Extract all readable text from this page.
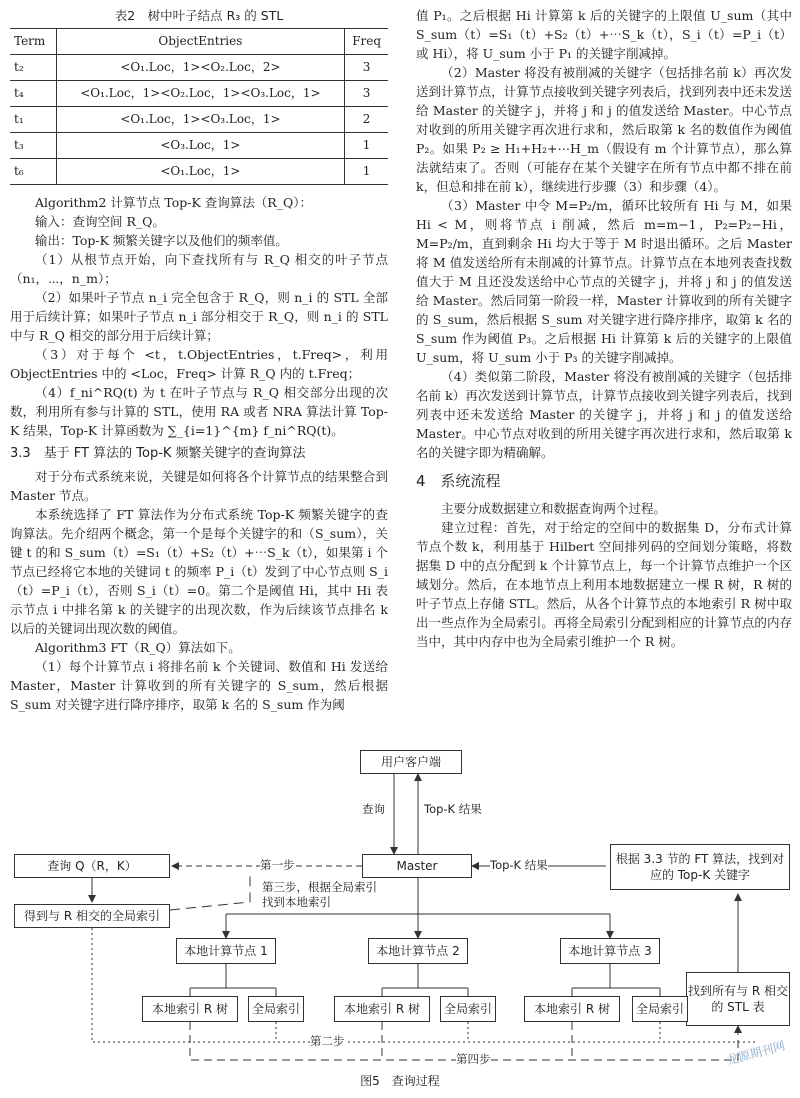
表2　树中叶子结点 R₃ 的 STL
Term	ObjectEntries	Freq
t₂	<O₁.Loc，1><O₂.Loc，2>	3
t₄	<O₁.Loc，1><O₂.Loc，1><O₃.Loc，1>	3
t₁	<O₁.Loc，1><O₃.Loc，1>	2
t₃	<O₃.Loc，1>	1
t₆	<O₁.Loc，1>	1

Algorithm2 计算节点 Top-K 查询算法（R_Q）：

输入：查询空间 R_Q。

输出：Top-K 频繁关键字以及他们的频率值。

（1）从根节点开始，向下查找所有与 R_Q 相交的叶子节点（n₁，⋯，n_m）；

（2）如果叶子节点 n_i 完全包含于 R_Q，则 n_i 的 STL 全部用于后续计算；如果叶子节点 n_i 部分相交于 R_Q，则 n_i 的 STL 中与 R_Q 相交的部分用于后续计算；

（3）对于每个 <t，t.ObjectEntries，t.Freq>，利用 ObjectEntries 中的 <Loc，Freq> 计算 R_Q 内的 t.Freq；

（4）f_ni^RQ(t) 为 t 在叶子节点与 R_Q 相交部分出现的次数，利用所有参与计算的 STL，使用 RA 或者 NRA 算法计算 Top-K 结果，Top-K 计算函数为 ∑_{i=1}^{m} f_ni^RQ(t)。

3.3　基于 FT 算法的 Top-K 频繁关键字的查询算法

对于分布式系统来说，关键是如何将各个计算节点的结果整合到 Master 节点。

本系统选择了 FT 算法作为分布式系统 Top-K 频繁关键字的查询算法。先介绍两个概念，第一个是每个关键字的和（S_sum），关键 t 的和 S_sum（t）=S₁（t）+S₂（t）+⋯S_k（t），如果第 i 个节点已经将它本地的关键词 t 的频率 P_i（t）发到了中心节点则 S_i（t）=P_i（t），否则 S_i（t）=0。第二个是阈值 Hi，其中 Hi 表示节点 i 中排名第 k 的关键字的出现次数，作为后续该节点排名 k 以后的关键词出现次数的阈值。

Algorithm3 FT（R_Q）算法如下。

（1）每个计算节点 i 将排名前 k 个关键词、数值和 Hi 发送给 Master，Master 计算收到的所有关键字的 S_sum，然后根据 S_sum 对关键字进行降序排序，取第 k 名的 S_sum 作为阈

值 P₁。之后根据 Hi 计算第 k 后的关键字的上限值 U_sum（其中 S_sum（t）=S₁（t）+S₂（t）+⋯S_k（t），S_i（t）=P_i（t）或 Hi），将 U_sum 小于 P₁ 的关键字削减掉。

（2）Master 将没有被削减的关键字（包括排名前 k）再次发送到计算节点，计算节点接收到关键字列表后，找到列表中还未发送给 Master 的关键字 j，并将 j 和 j 的值发送给 Master。中心节点对收到的所用关键字再次进行求和，然后取第 k 名的数值作为阈值 P₂。如果 P₂ ≥ H₁+H₂+⋯H_m（假设有 m 个计算节点），那么算法就结束了。否则（可能存在某个关键字在所有节点中都不排在前 k，但总和排在前 k），继续进行步骤（3）和步骤（4）。

（3）Master 中令 M=P₂/m，循环比较所有 Hi 与 M，如果 Hi < M，则将节点 i 削减，然后 m=m−1，P₂=P₂−Hi，M=P₂/m，直到剩余 Hi 均大于等于 M 时退出循环。之后 Master 将 M 值发送给所有未削减的计算节点。计算节点在本地列表查找数值大于 M 且还没发送给中心节点的关键字 j，并将 j 和 j 的值发送给 Master。然后同第一阶段一样，Master 计算收到的所有关键字的 S_sum，然后根据 S_sum 对关键字进行降序排序，取第 k 名的 S_sum 作为阈值 P₃。之后根据 Hi 计算第 k 后的关键字的上限值 U_sum，将 U_sum 小于 P₃ 的关键字削减掉。

（4）类似第二阶段，Master 将没有被削减的关键字（包括排名前 k）再次发送到计算节点，计算节点接收到关键字列表后，找到列表中还未发送给 Master 的关键字 j，并将 j 和 j 的值发送给 Master。中心节点对收到的所用关键字再次进行求和，然后取第 k 名的关键字即为精确解。

4　系统流程

主要分成数据建立和数据查询两个过程。

建立过程：首先，对于给定的空间中的数据集 D，分布式计算节点个数 k，利用基于 Hilbert 空间排列码的空间划分策略，将数据集 D 中的点分配到 k 个计算节点上，每一个计算节点维护一个区域划分。然后，在本地节点上利用本地数据建立一棵 R 树，R 树的叶子节点上存储 STL。然后，从各个计算节点的本地索引 R 树中取出一些点作为全局索引。再将全局索引分配到相应的计算节点的内存当中，其中内存中也为全局索引维护一个 R 树。

用户客户端
查询	Top-K 结果
Master
查询 Q（R，K）	第一步	Top-K 结果
得到与 R 相交的全局索引
第三步，根据全局索引找到本地索引
根据 3.3 节的 FT 算法，找到对应的 Top-K 关键字
本地计算节点 1	本地计算节点 2	本地计算节点 3
找到所有与 R 相交的 STL 表
本地索引 R 树	全局索引	本地索引 R 树	全局索引	本地索引 R 树	全局索引
第二步
第四步
图5　查询过程
龙源期刊网
